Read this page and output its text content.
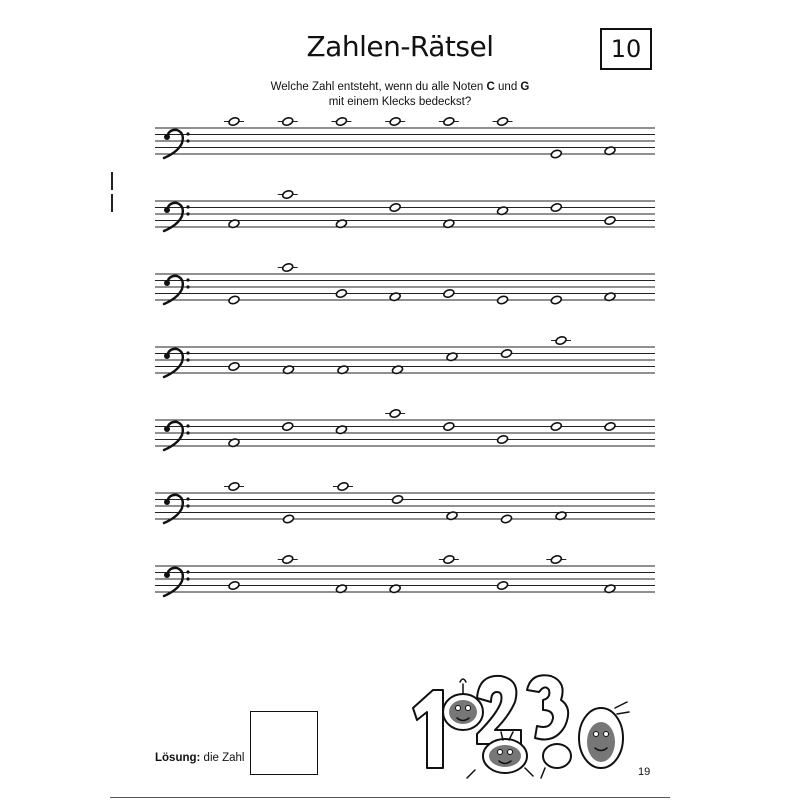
Zahlen-Rätsel	10
Welche Zahl entsteht, wenn du alle Noten C und G
mit einem Klecks bedeckst?
Lösung: die Zahl
19
